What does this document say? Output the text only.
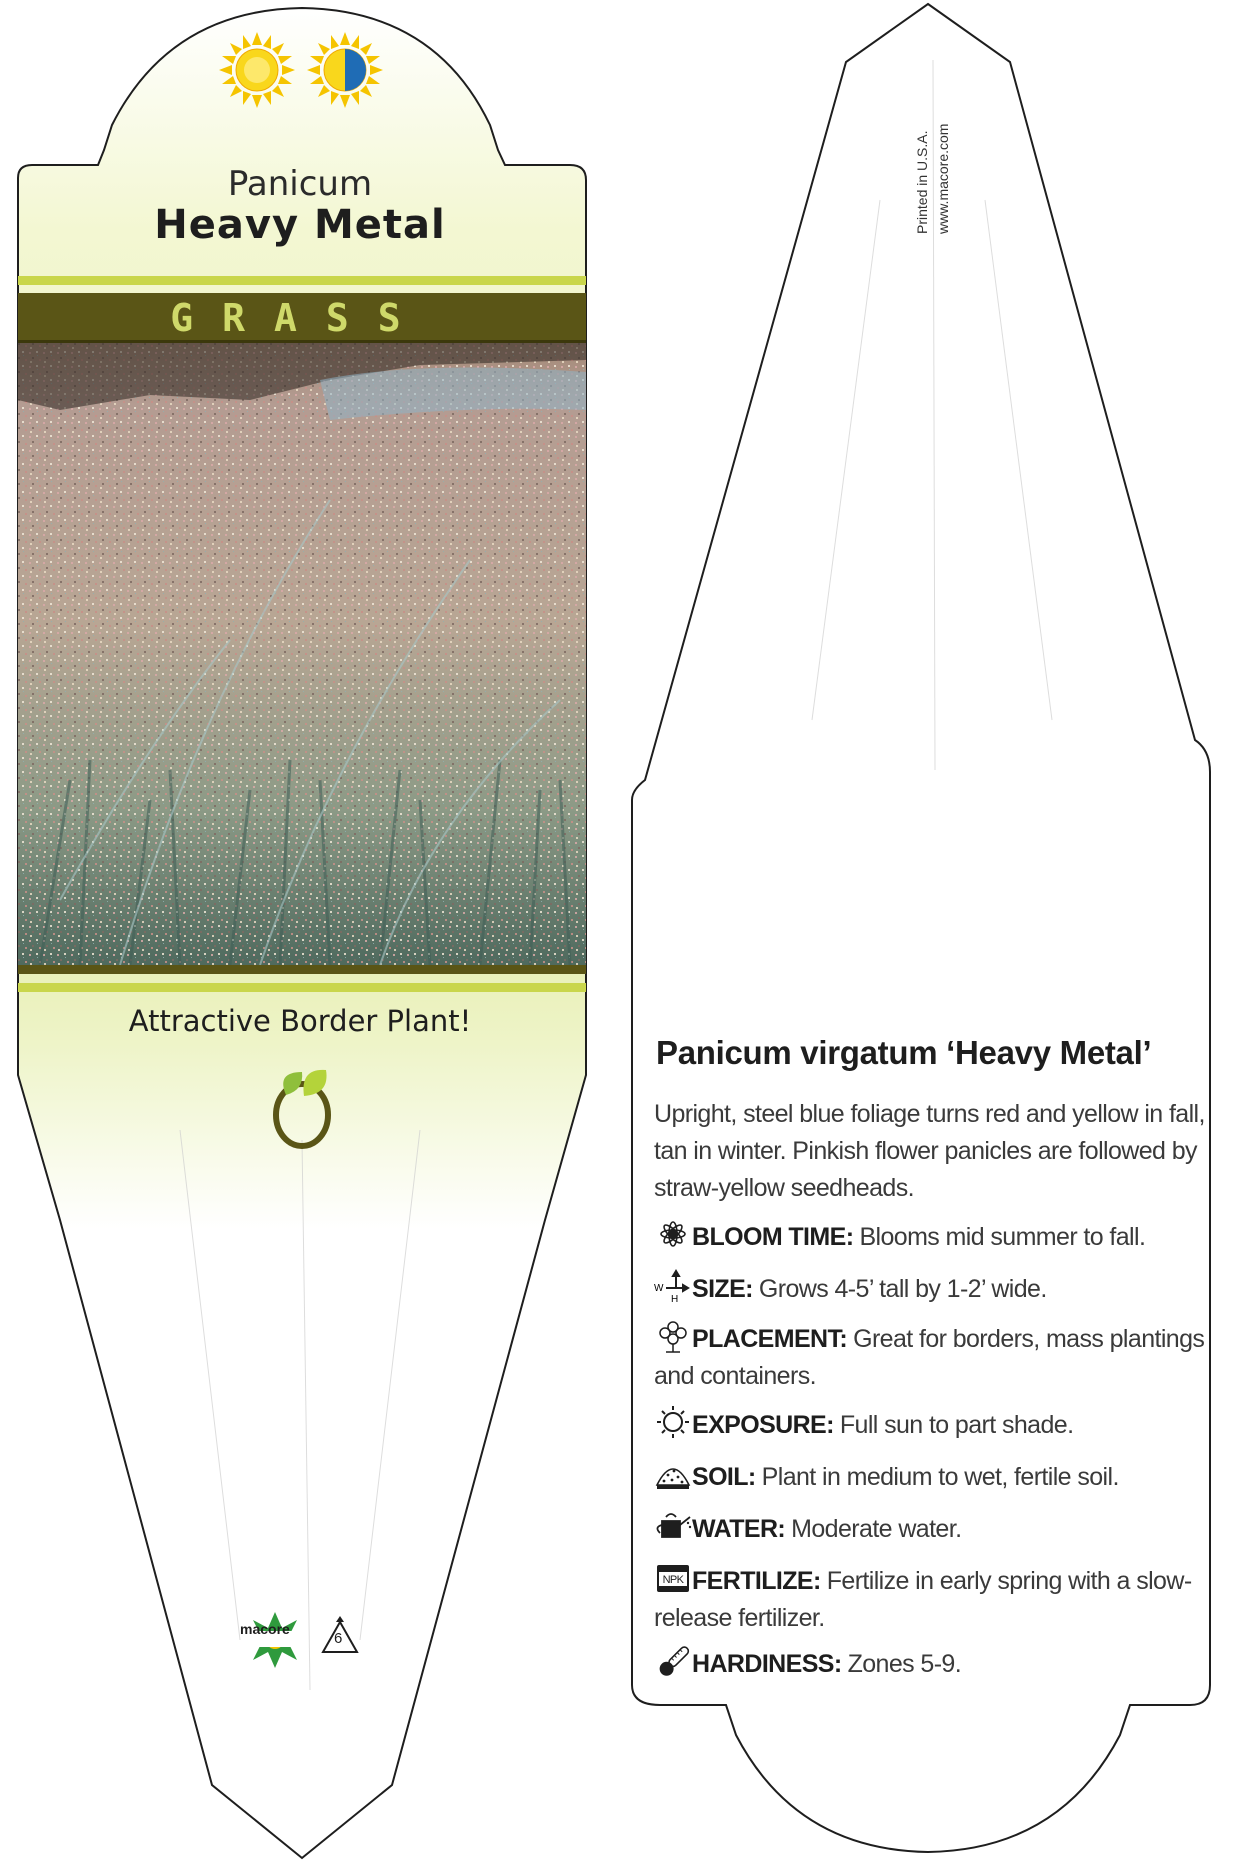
Panicum

Heavy Metal

GRASS

Attractive Border Plant!

macore

6

Printed in U.S.A. www.macore.com

Panicum virgatum ‘Heavy Metal’

Upright, steel blue foliage turns red and yellow in fall, tan in winter. Pinkish flower panicles are followed by straw-yellow seedheads.

BLOOM TIME: Blooms mid summer to fall.
W
H SIZE: Grows 4-5’ tall by 1-2’ wide.
PLACEMENT: Great for borders, mass plantings and containers.
EXPOSURE: Full sun to part shade.
SOIL: Plant in medium to wet, fertile soil.
WATER: Moderate water.
NPK FERTILIZE: Fertilize in early spring with a slow-release fertilizer.
HARDINESS: Zones 5-9.
